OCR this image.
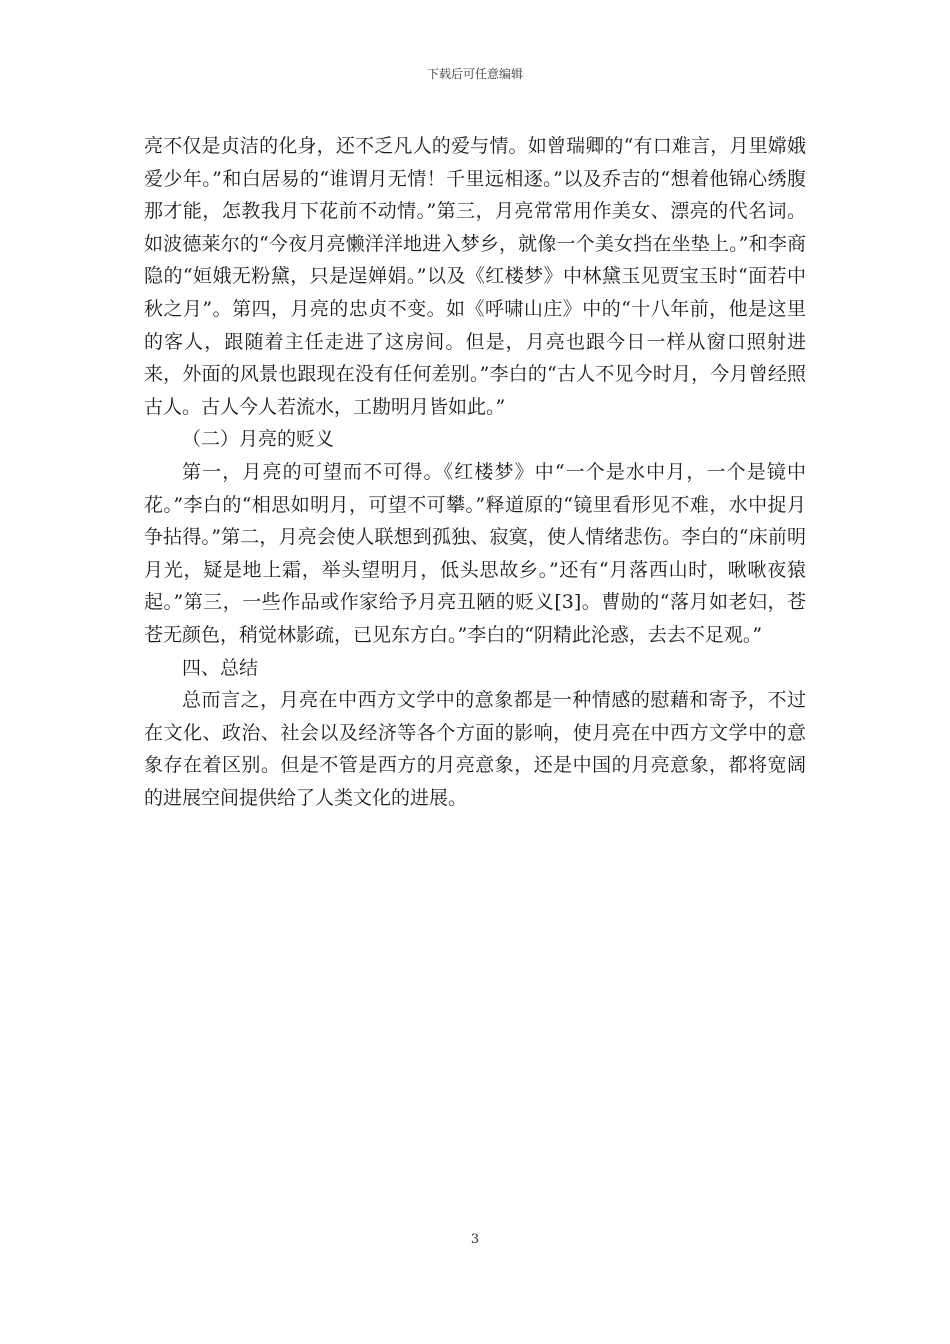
下载后可任意编辑

亮不仅是贞洁的化身，还不乏凡人的爱与情。如曾瑞卿的“有口难言，月里嫦娥爱少年。”和白居易的“谁谓月无情！千里远相逐。”以及乔吉的“想着他锦心绣腹那才能，怎教我月下花前不动情。”第三，月亮常常用作美女、漂亮的代名词。如波德莱尔的“今夜月亮懒洋洋地进入梦乡，就像一个美女挡在坐垫上。”和李商隐的“姮娥无粉黛，只是逞婵娟。”以及《红楼梦》中林黛玉见贾宝玉时“面若中秋之月”。第四，月亮的忠贞不变。如《呼啸山庄》中的“十八年前，他是这里的客人，跟随着主任走进了这房间。但是，月亮也跟今日一样从窗口照射进来，外面的风景也跟现在没有任何差别。”李白的“古人不见今时月，今月曾经照古人。古人今人若流水，工勘明月皆如此。”

（二）月亮的贬义

第一，月亮的可望而不可得。《红楼梦》中“一个是水中月，一个是镜中花。”李白的“相思如明月，可望不可攀。”释道原的“镜里看形见不难，水中捉月争拈得。”第二，月亮会使人联想到孤独、寂寞，使人情绪悲伤。李白的“床前明月光，疑是地上霜，举头望明月，低头思故乡。”还有“月落西山时，啾啾夜猿起。”第三，一些作品或作家给予月亮丑陋的贬义[3]。曹勋的“落月如老妇，苍苍无颜色，稍觉林影疏，已见东方白。”李白的“阴精此沦惑，去去不足观。”

四、总结

总而言之，月亮在中西方文学中的意象都是一种情感的慰藉和寄予，不过在文化、政治、社会以及经济等各个方面的影响，使月亮在中西方文学中的意象存在着区别。但是不管是西方的月亮意象，还是中国的月亮意象，都将宽阔的进展空间提供给了人类文化的进展。

3
